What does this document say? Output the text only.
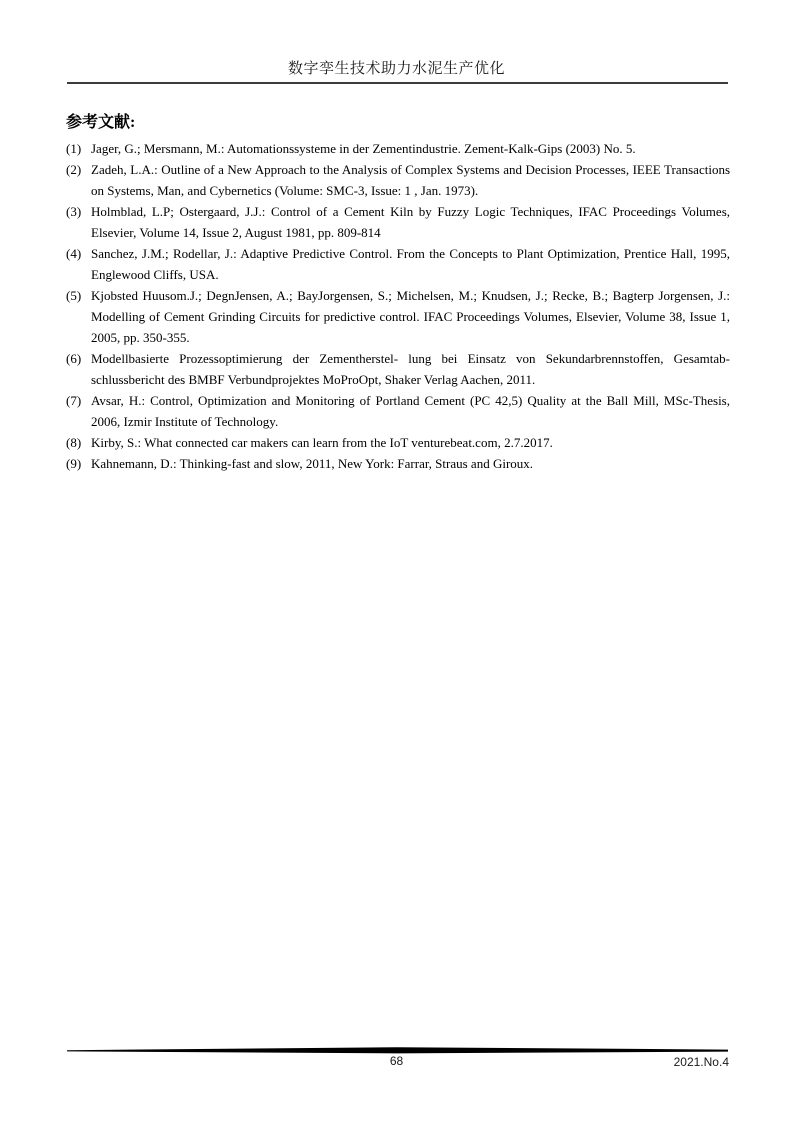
数字孪生技术助力水泥生产优化
参考文献:
(1) Jager, G.; Mersmann, M.: Automationssysteme in der Zementindustrie. Zement-Kalk-Gips (2003) No. 5.
(2) Zadeh, L.A.: Outline of a New Approach to the Analysis of Complex Systems and Decision Processes, IEEE Transactions on Systems, Man, and Cybernetics (Volume: SMC-3, Issue: 1 , Jan. 1973).
(3) Holmblad, L.P; Ostergaard, J.J.: Control of a Cement Kiln by Fuzzy Logic Techniques, IFAC Proceedings Volumes, Elsevier, Volume 14, Issue 2, August 1981, pp. 809-814
(4) Sanchez, J.M.; Rodellar, J.: Adaptive Predictive Control. From the Concepts to Plant Optimization, Prentice Hall, 1995, Englewood Cliffs, USA.
(5) Kjobsted Huusom.J.; DegnJensen, A.; BayJorgensen, S.; Michelsen, M.; Knudsen, J.; Recke, B.; Bagterp Jorgensen, J.: Modelling of Cement Grinding Circuits for predictive control. IFAC Proceedings Volumes, Elsevier, Volume 38, Issue 1, 2005, pp. 350-355.
(6) Modellbasierte Prozessoptimierung der Zementherstel- lung bei Einsatz von Sekundarbrennstoffen, Gesamtab-schlussbericht des BMBF Verbundprojektes MoProOpt, Shaker Verlag Aachen, 2011.
(7) Avsar, H.: Control, Optimization and Monitoring of Portland Cement (PC 42,5) Quality at the Ball Mill, MSc-Thesis, 2006, Izmir Institute of Technology.
(8) Kirby, S.: What connected car makers can learn from the IoT venturebeat.com, 2.7.2017.
(9) Kahnemann, D.: Thinking-fast and slow, 2011, New York: Farrar, Straus and Giroux.
68	2021.No.4
